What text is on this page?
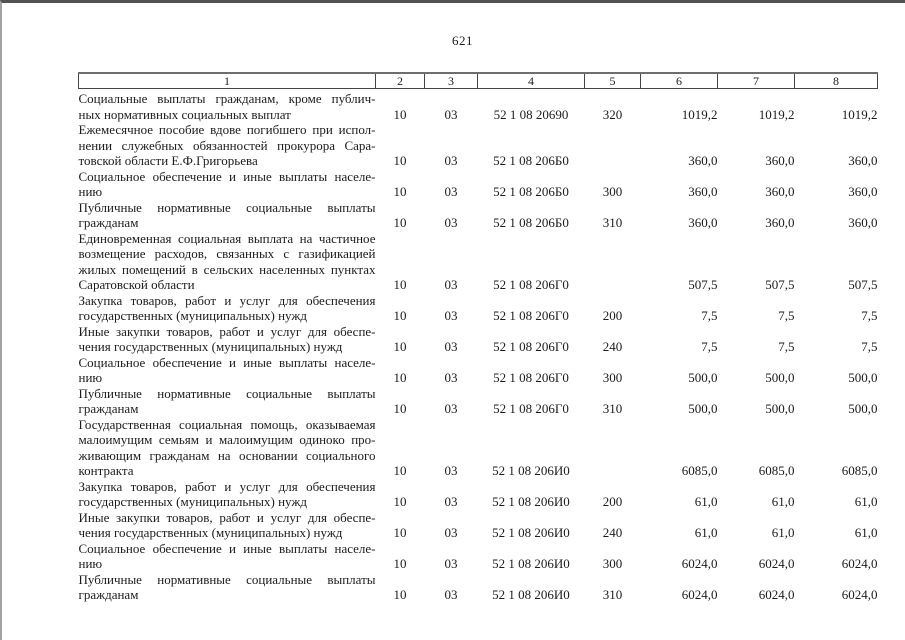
621
1	2	3	4	5	6	7	8

Социальные выплаты гражданам, кроме публич-
ных нормативных социальных выплат	10	03	52 1 08 20690	320	1019,2	1019,2	1019,2

Ежемесячное пособие вдове погибшего при испол-
нении служебных обязанностей прокурора Сара-
товской области Е.Ф.Григорьева	10	03	52 1 08 206Б0		360,0	360,0	360,0

Социальное обеспечение и иные выплаты населе-
нию	10	03	52 1 08 206Б0	300	360,0	360,0	360,0

Публичные нормативные социальные выплаты
гражданам	10	03	52 1 08 206Б0	310	360,0	360,0	360,0

Единовременная социальная выплата на частичное
возмещение расходов, связанных с газификацией
жилых помещений в сельских населенных пунктах
Саратовской области	10	03	52 1 08 206Г0		507,5	507,5	507,5

Закупка товаров, работ и услуг для обеспечения
государственных (муниципальных) нужд	10	03	52 1 08 206Г0	200	7,5	7,5	7,5

Иные закупки товаров, работ и услуг для обеспе-
чения государственных (муниципальных) нужд	10	03	52 1 08 206Г0	240	7,5	7,5	7,5

Социальное обеспечение и иные выплаты населе-
нию	10	03	52 1 08 206Г0	300	500,0	500,0	500,0

Публичные нормативные социальные выплаты
гражданам	10	03	52 1 08 206Г0	310	500,0	500,0	500,0

Государственная социальная помощь, оказываемая
малоимущим семьям и малоимущим одиноко про-
живающим гражданам на основании социального
контракта	10	03	52 1 08 206И0		6085,0	6085,0	6085,0

Закупка товаров, работ и услуг для обеспечения
государственных (муниципальных) нужд	10	03	52 1 08 206И0	200	61,0	61,0	61,0

Иные закупки товаров, работ и услуг для обеспе-
чения государственных (муниципальных) нужд	10	03	52 1 08 206И0	240	61,0	61,0	61,0

Социальное обеспечение и иные выплаты населе-
нию	10	03	52 1 08 206И0	300	6024,0	6024,0	6024,0

Публичные нормативные социальные выплаты
гражданам	10	03	52 1 08 206И0	310	6024,0	6024,0	6024,0
